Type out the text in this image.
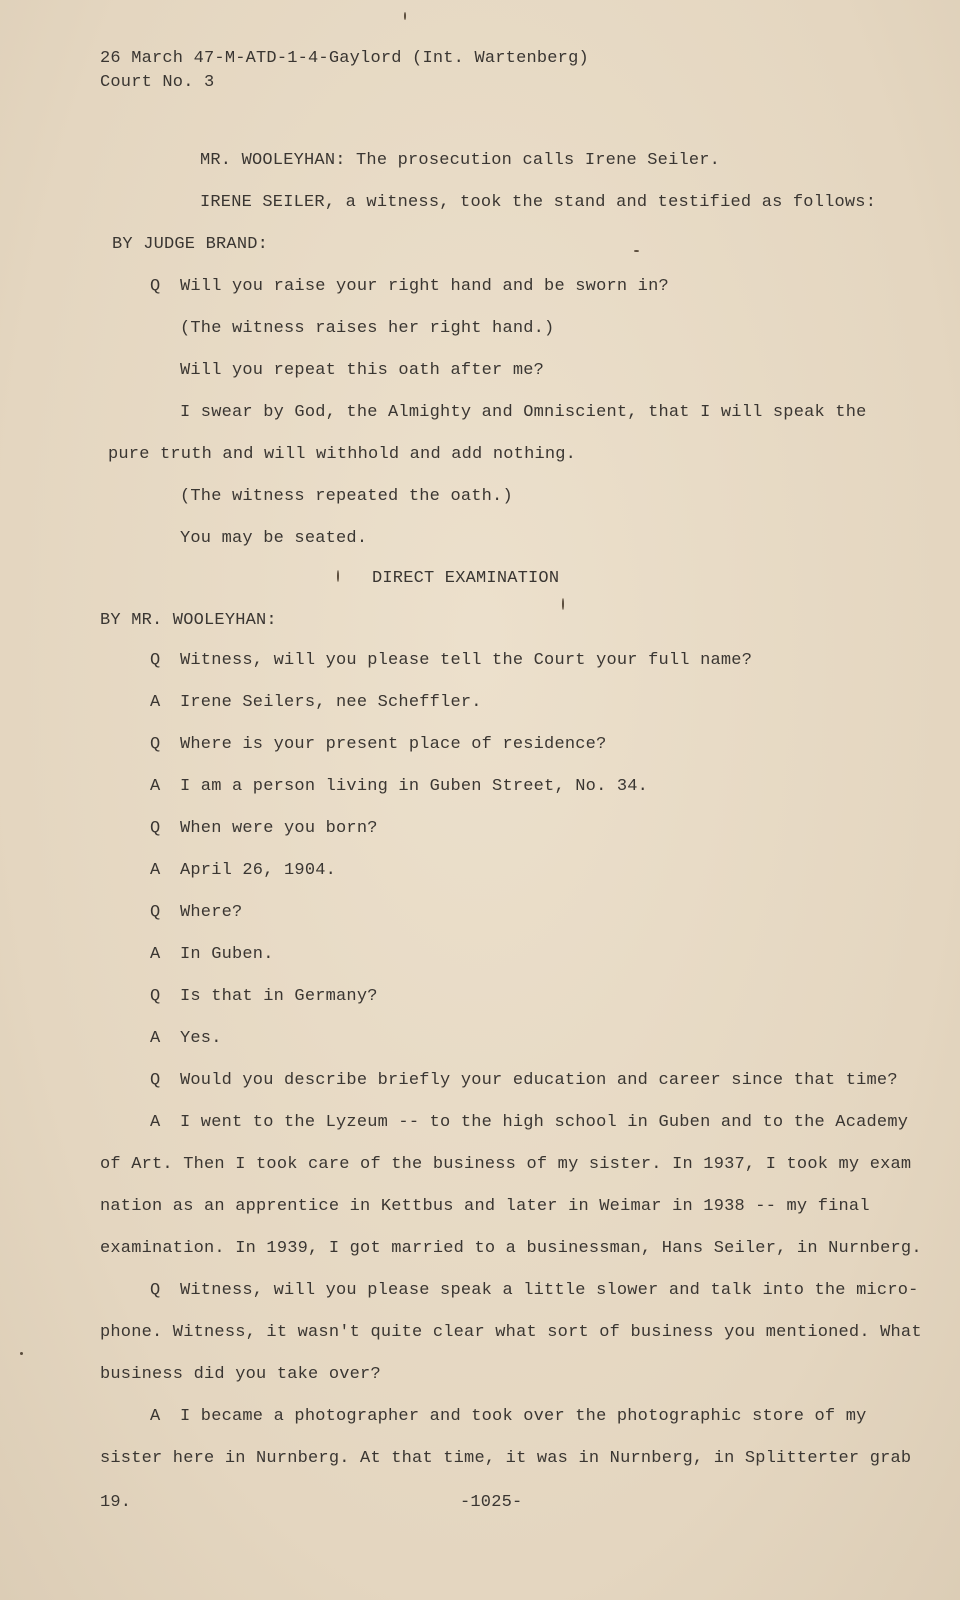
26 March 47-M-ATD-1-4-Gaylord (Int. Wartenberg)
Court No. 3
MR. WOOLEYHAN: The prosecution calls Irene Seiler.
IRENE SEILER, a witness, took the stand and testified as follows:
BY JUDGE BRAND:
Q Will you raise your right hand and be sworn in?
(The witness raises her right hand.)
Will you repeat this oath after me?
I swear by God, the Almighty and Omniscient, that I will speak the
pure truth and will withhold and add nothing.
(The witness repeated the oath.)
You may be seated.
DIRECT EXAMINATION
BY MR. WOOLEYHAN:
Q Witness, will you please tell the Court your full name?
A Irene Seilers, nee Scheffler.
Q Where is your present place of residence?
A I am a person living in Guben Street, No. 34.
Q When were you born?
A April 26, 1904.
Q Where?
A In Guben.
Q Is that in Germany?
A Yes.
Q Would you describe briefly your education and career since that time?
A I went to the Lyzeum -- to the high school in Guben and to the Academy
of Art. Then I took care of the business of my sister. In 1937, I took my exam
nation as an apprentice in Kettbus and later in Weimar in 1938 -- my final
examination. In 1939, I got married to a businessman, Hans Seiler, in Nurnberg.
Q Witness, will you please speak a little slower and talk into the micro-
phone. Witness, it wasn't quite clear what sort of business you mentioned. What
business did you take over?
A I became a photographer and took over the photographic store of my
sister here in Nurnberg. At that time, it was in Nurnberg, in Splitterter grab
19.	-1025-
